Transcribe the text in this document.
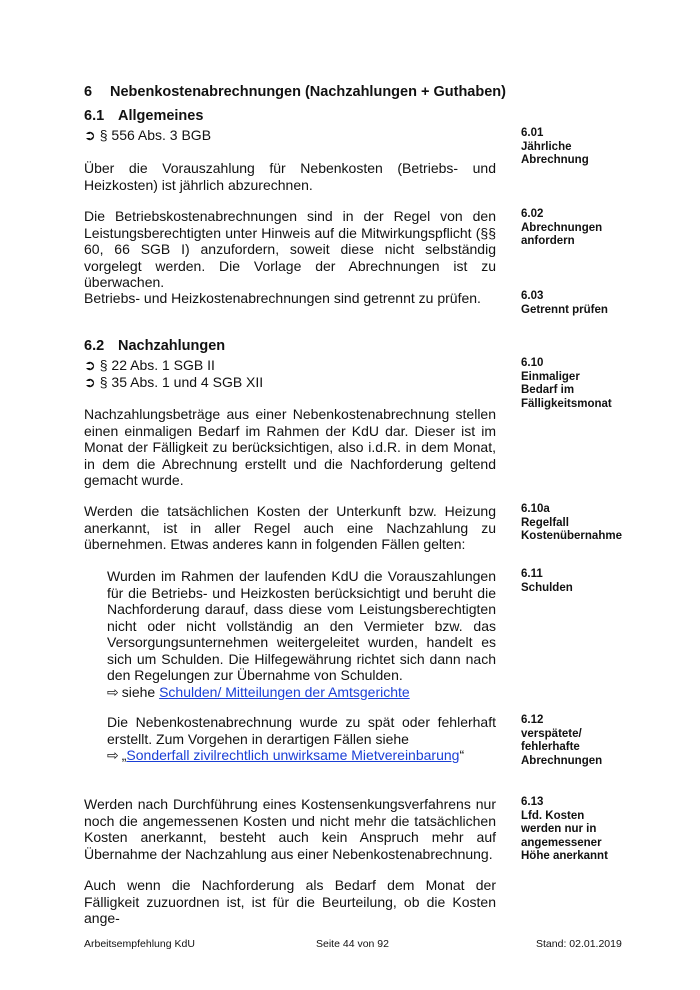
6 Nebenkostenabrechnungen (Nachzahlungen + Guthaben)
6.1 Allgemeines
➲ § 556 Abs. 3 BGB

Über die Vorauszahlung für Nebenkosten (Betriebs- und Heizkosten) ist jährlich abzurechnen.

6.01
Jährliche Abrechnung

Die Betriebskostenabrechnungen sind in der Regel von den Leistungsberechtigten unter Hinweis auf die Mitwirkungspflicht (§§ 60, 66 SGB I) anzufordern, soweit diese nicht selbständig vorgelegt werden. Die Vorlage der Abrechnungen ist zu überwachen.

6.02
Abrechnungen anfordern

Betriebs- und Heizkostenabrechnungen sind getrennt zu prüfen.	6.03
Getrennt prüfen
6.2 Nachzahlungen
➲ § 22 Abs. 1 SGB II
➲ § 35 Abs. 1 und 4 SGB XII

Nachzahlungsbeträge aus einer Nebenkostenabrechnung stellen einen einmaligen Bedarf im Rahmen der KdU dar. Dieser ist im Monat der Fälligkeit zu berücksichtigen, also i.d.R. in dem Monat, in dem die Abrechnung erstellt und die Nachforderung geltend gemacht wurde.

6.10
Einmaliger Bedarf im Fälligkeitsmonat

Werden die tatsächlichen Kosten der Unterkunft bzw. Heizung anerkannt, ist in aller Regel auch eine Nachzahlung zu übernehmen. Etwas anderes kann in folgenden Fällen gelten:

6.10a
Regelfall Kostenübernahme

Wurden im Rahmen der laufenden KdU die Vorauszahlungen für die Betriebs- und Heizkosten berücksichtigt und beruht die Nachforderung darauf, dass diese vom Leistungsberechtigten nicht oder nicht vollständig an den Vermieter bzw. das Versorgungsunternehmen weitergeleitet wurden, handelt es sich um Schulden. Die Hilfegewährung richtet sich dann nach den Regelungen zur Übernahme von Schulden.
⇨ siehe Schulden/ Mitteilungen der Amtsgerichte

6.11
Schulden

Die Nebenkostenabrechnung wurde zu spät oder fehlerhaft erstellt. Zum Vorgehen in derartigen Fällen siehe
⇨ „Sonderfall zivilrechtlich unwirksame Mietvereinbarung“

6.12
verspätete/ fehlerhafte Abrechnungen

Werden nach Durchführung eines Kostensenkungsverfahrens nur noch die angemessenen Kosten und nicht mehr die tatsächlichen Kosten anerkannt, besteht auch kein Anspruch mehr auf Übernahme der Nachzahlung aus einer Nebenkostenabrechnung.

6.13
Lfd. Kosten werden nur in angemessener Höhe anerkannt

Auch wenn die Nachforderung als Bedarf dem Monat der Fälligkeit zuzuordnen ist, ist für die Beurteilung, ob die Kosten ange-

Arbeitsempfehlung KdU	Seite 44 von 92	Stand: 02.01.2019
